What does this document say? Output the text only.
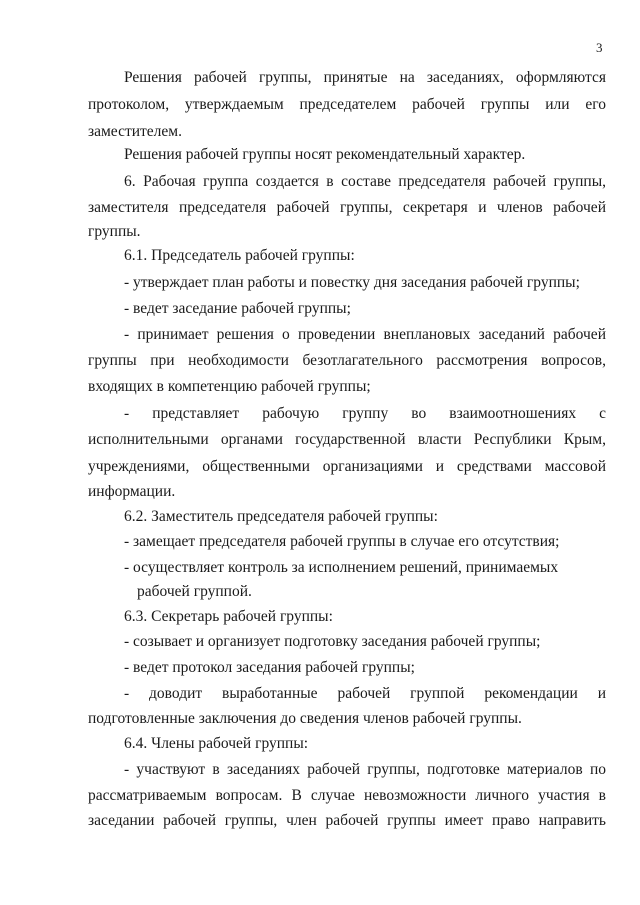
3
Решения рабочей группы, принятые на заседаниях, оформляются
протоколом, утверждаемым председателем рабочей группы или его
заместителем.
Решения рабочей группы носят рекомендательный характер.
6. Рабочая группа создается в составе председателя рабочей группы,
заместителя председателя рабочей группы, секретаря и членов рабочей
группы.
6.1. Председатель рабочей группы:
- утверждает план работы и повестку дня заседания рабочей группы;
- ведет заседание рабочей группы;
- принимает решения о проведении внеплановых заседаний рабочей
группы при необходимости безотлагательного рассмотрения вопросов,
входящих в компетенцию рабочей группы;
- представляет рабочую группу во взаимоотношениях с
исполнительными органами государственной власти Республики Крым,
учреждениями, общественными организациями и средствами массовой
информации.
6.2. Заместитель председателя рабочей группы:
- замещает председателя рабочей группы в случае его отсутствия;
- осуществляет контроль за исполнением решений, принимаемых
рабочей группой.
6.3. Секретарь рабочей группы:
- созывает и организует подготовку заседания рабочей группы;
- ведет протокол заседания рабочей группы;
- доводит выработанные рабочей группой рекомендации и
подготовленные заключения до сведения членов рабочей группы.
6.4. Члены рабочей группы:
- участвуют в заседаниях рабочей группы, подготовке материалов по
рассматриваемым вопросам. В случае невозможности личного участия в
заседании рабочей группы, член рабочей группы имеет право направить
